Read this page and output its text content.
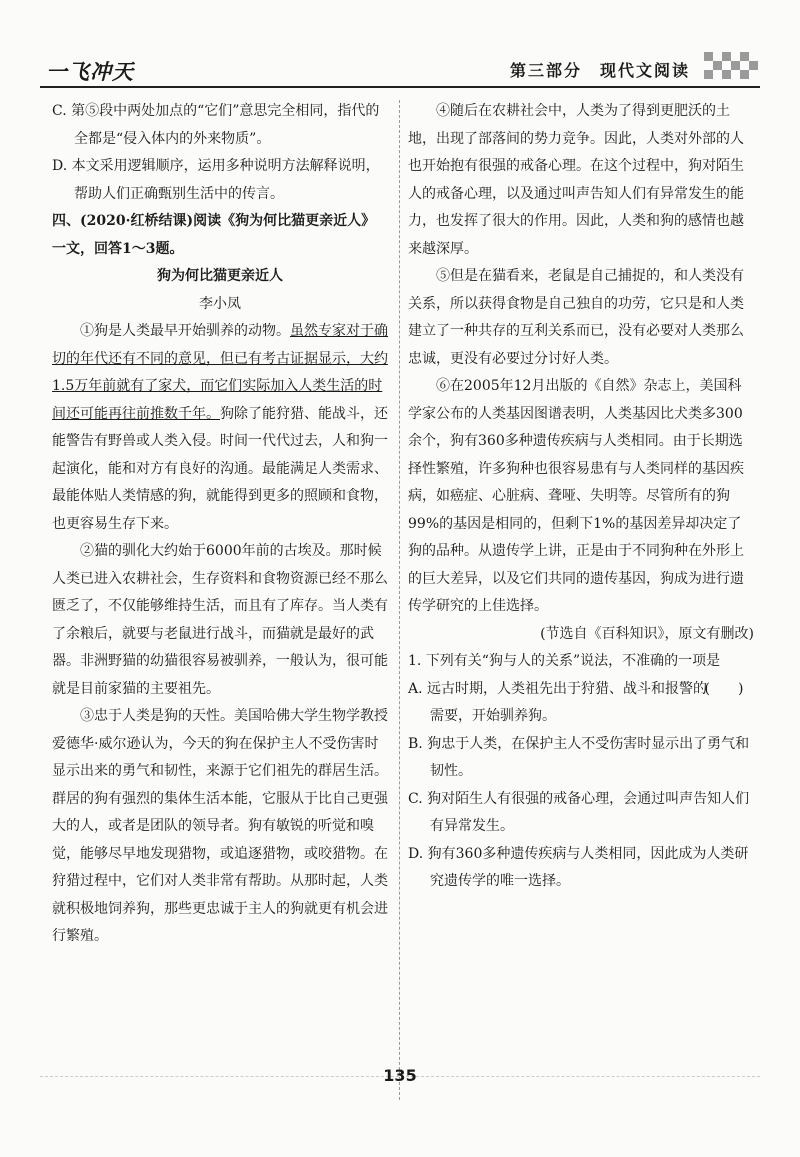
一飞冲天	第三部分　现代文阅读

C. 第⑤段中两处加点的“它们”意思完全相同，指代的全都是“侵入体内的外来物质”。

D. 本文采用逻辑顺序，运用多种说明方法解释说明，帮助人们正确甄别生活中的传言。

四、(2020·红桥结课)阅读《狗为何比猫更亲近人》一文，回答1～3题。

狗为何比猫更亲近人

李小凤

①狗是人类最早开始驯养的动物。虽然专家对于确切的年代还有不同的意见，但已有考古证据显示，大约1.5万年前就有了家犬，而它们实际加入人类生活的时间还可能再往前推数千年。狗除了能狩猎、能战斗，还能警告有野兽或人类入侵。时间一代代过去，人和狗一起演化，能和对方有良好的沟通。最能满足人类需求、最能体贴人类情感的狗，就能得到更多的照顾和食物，也更容易生存下来。

②猫的驯化大约始于6000年前的古埃及。那时候人类已进入农耕社会，生存资料和食物资源已经不那么匮乏了，不仅能够维持生活，而且有了库存。当人类有了余粮后，就要与老鼠进行战斗，而猫就是最好的武器。非洲野猫的幼猫很容易被驯养，一般认为，很可能就是目前家猫的主要祖先。

③忠于人类是狗的天性。美国哈佛大学生物学教授爱德华·威尔逊认为，今天的狗在保护主人不受伤害时显示出来的勇气和韧性，来源于它们祖先的群居生活。群居的狗有强烈的集体生活本能，它服从于比自己更强大的人，或者是团队的领导者。狗有敏锐的听觉和嗅觉，能够尽早地发现猎物，或追逐猎物，或咬猎物。在狩猎过程中，它们对人类非常有帮助。从那时起，人类就积极地饲养狗，那些更忠诚于主人的狗就更有机会进行繁殖。

④随后在农耕社会中，人类为了得到更肥沃的土地，出现了部落间的势力竞争。因此，人类对外部的人也开始抱有很强的戒备心理。在这个过程中，狗对陌生人的戒备心理，以及通过叫声告知人们有异常发生的能力，也发挥了很大的作用。因此，人类和狗的感情也越来越深厚。

⑤但是在猫看来，老鼠是自己捕捉的，和人类没有关系，所以获得食物是自己独自的功劳，它只是和人类建立了一种共存的互利关系而已，没有必要对人类那么忠诚，更没有必要过分讨好人类。

⑥在2005年12月出版的《自然》杂志上，美国科学家公布的人类基因图谱表明，人类基因比犬类多300余个，狗有360多种遗传疾病与人类相同。由于长期选择性繁殖，许多狗种也很容易患有与人类同样的基因疾病，如癌症、心脏病、聋哑、失明等。尽管所有的狗99%的基因是相同的，但剩下1%的基因差异却决定了狗的品种。从遗传学上讲，正是由于不同狗种在外形上的巨大差异，以及它们共同的遗传基因，狗成为进行遗传学研究的上佳选择。

(节选自《百科知识》，原文有删改)

1. 下列有关“狗与人的关系”说法，不准确的一项是
(　　)

A. 远古时期，人类祖先出于狩猎、战斗和报警的需要，开始驯养狗。

B. 狗忠于人类，在保护主人不受伤害时显示出了勇气和韧性。

C. 狗对陌生人有很强的戒备心理，会通过叫声告知人们有异常发生。

D. 狗有360多种遗传疾病与人类相同，因此成为人类研究遗传学的唯一选择。

135
